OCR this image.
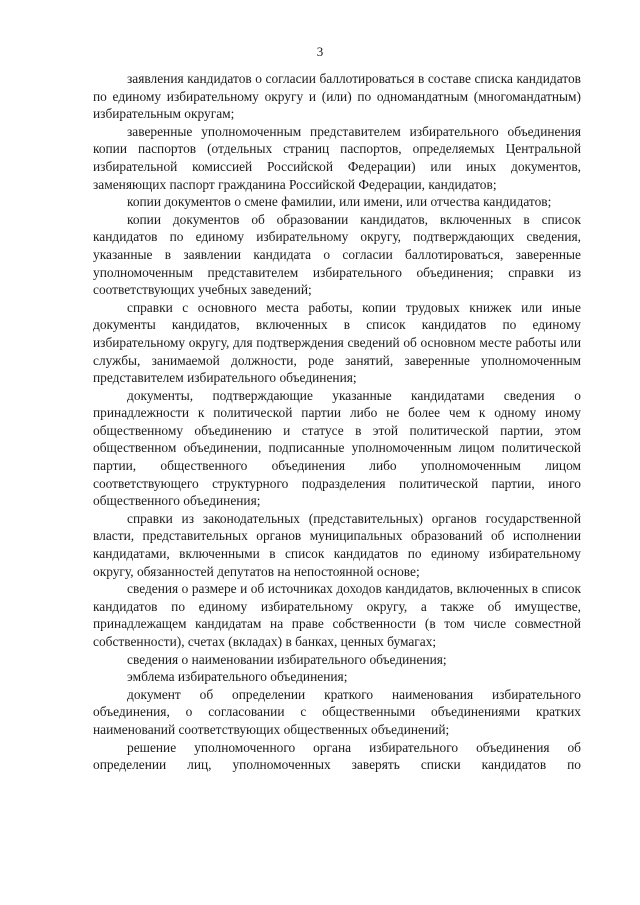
3

заявления кандидатов о согласии баллотироваться в составе списка кандидатов по единому избирательному округу и (или) по одномандатным (многомандатным) избирательным округам;

заверенные уполномоченным представителем избирательного объединения копии паспортов (отдельных страниц паспортов, определяемых Центральной избирательной комиссией Российской Федерации) или иных документов, заменяющих паспорт гражданина Российской Федерации, кандидатов;

копии документов о смене фамилии, или имени, или отчества кандидатов;

копии документов об образовании кандидатов, включенных в список кандидатов по единому избирательному округу, подтверждающих сведения, указанные в заявлении кандидата о согласии баллотироваться, заверенные уполномоченным представителем избирательного объединения; справки из соответствующих учебных заведений;

справки с основного места работы, копии трудовых книжек или иные документы кандидатов, включенных в список кандидатов по единому избирательному округу, для подтверждения сведений об основном месте работы или службы, занимаемой должности, роде занятий, заверенные уполномоченным представителем избирательного объединения;

документы, подтверждающие указанные кандидатами сведения о принадлежности к политической партии либо не более чем к одному иному общественному объединению и статусе в этой политической партии, этом общественном объединении, подписанные уполномоченным лицом политической партии, общественного объединения либо уполномоченным лицом соответствующего структурного подразделения политической партии, иного общественного объединения;

справки из законодательных (представительных) органов государственной власти, представительных органов муниципальных образований об исполнении кандидатами, включенными в список кандидатов по единому избирательному округу, обязанностей депутатов на непостоянной основе;

сведения о размере и об источниках доходов кандидатов, включенных в список кандидатов по единому избирательному округу, а также об имуществе, принадлежащем кандидатам на праве собственности (в том числе совместной собственности), счетах (вкладах) в банках, ценных бумагах;

сведения о наименовании избирательного объединения;

эмблема избирательного объединения;

документ об определении краткого наименования избирательного объединения, о согласовании с общественными объединениями кратких наименований соответствующих общественных объединений;

решение уполномоченного органа избирательного объединения об определении лиц, уполномоченных заверять списки кандидатов по
